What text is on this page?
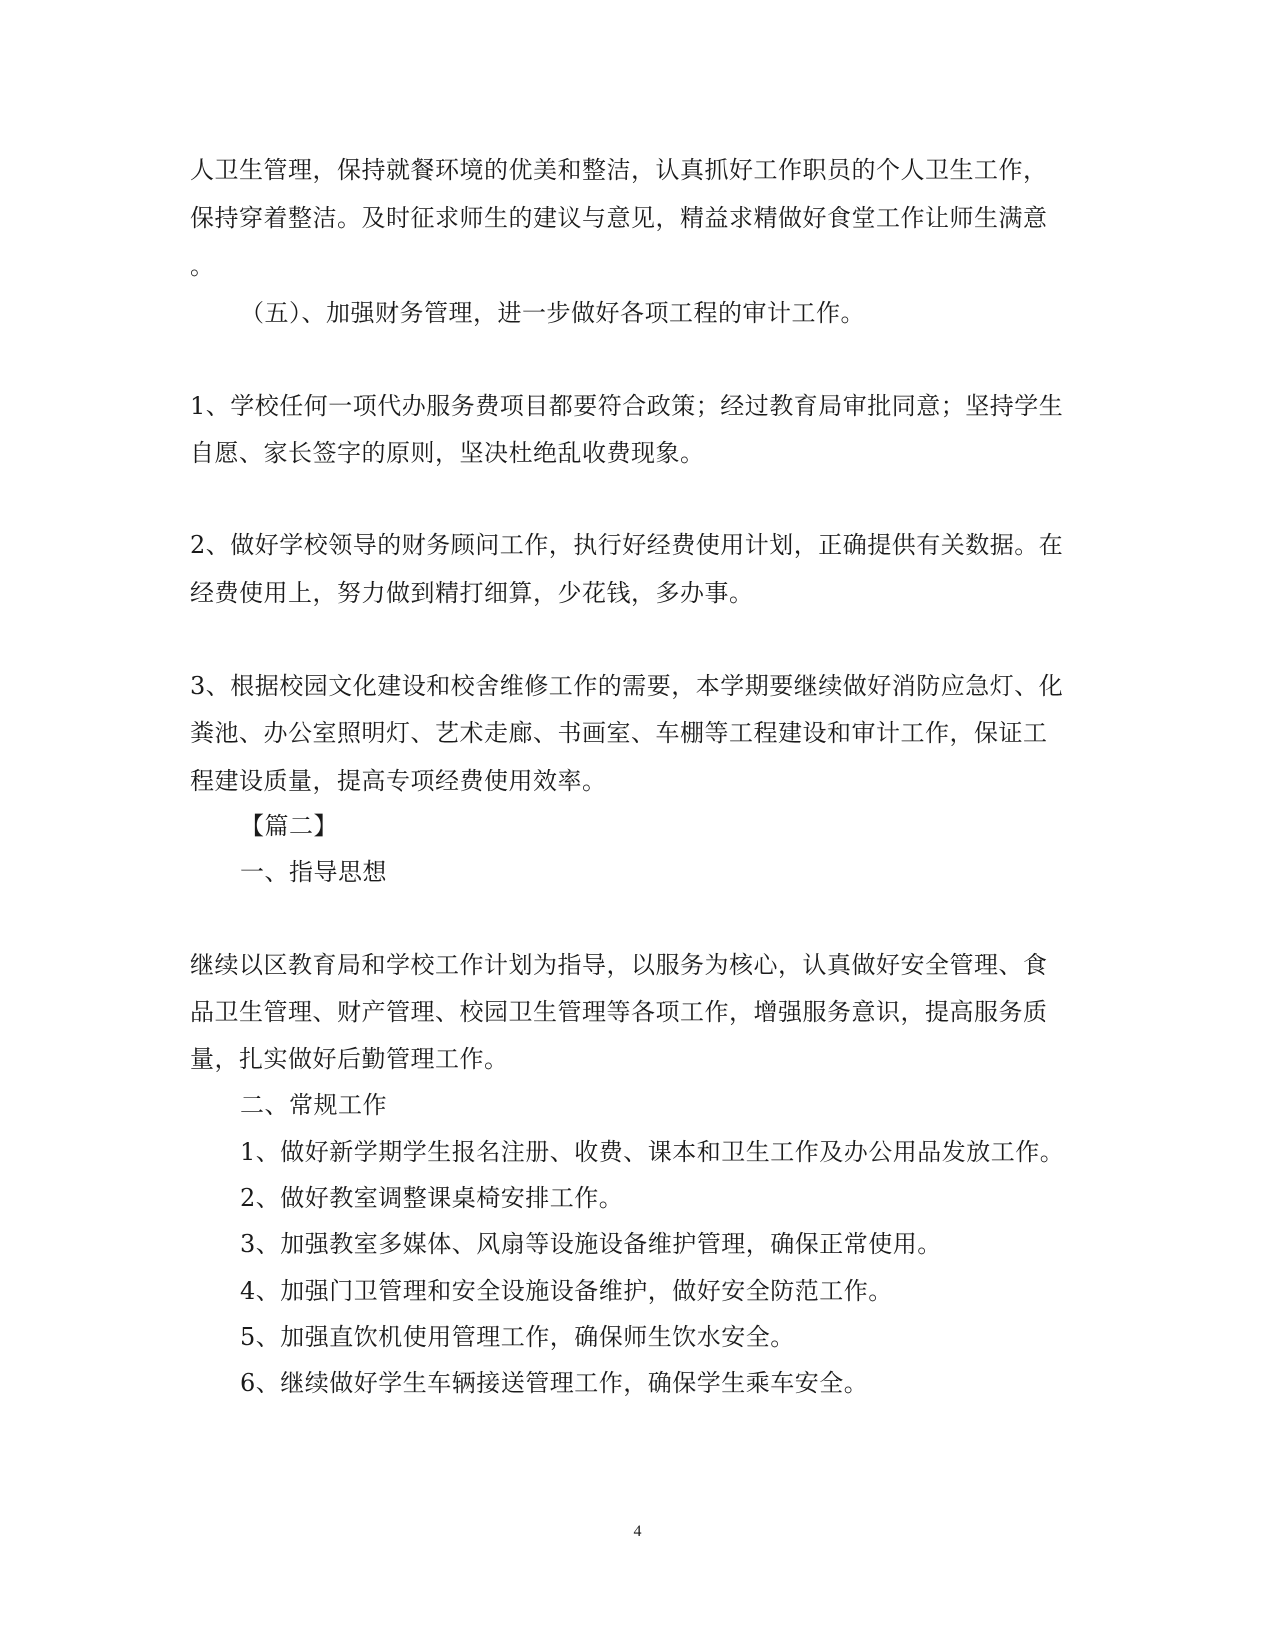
人卫生管理，保持就餐环境的优美和整洁，认真抓好工作职员的个人卫生工作，
保持穿着整洁。及时征求师生的建议与意见，精益求精做好食堂工作让师生满意
。
（五）、加强财务管理，进一步做好各项工程的审计工作。
1、学校任何一项代办服务费项目都要符合政策；经过教育局审批同意；坚持学生
自愿、家长签字的原则，坚决杜绝乱收费现象。
2、做好学校领导的财务顾问工作，执行好经费使用计划，正确提供有关数据。在
经费使用上，努力做到精打细算，少花钱，多办事。
3、根据校园文化建设和校舍维修工作的需要，本学期要继续做好消防应急灯、化
粪池、办公室照明灯、艺术走廊、书画室、车棚等工程建设和审计工作，保证工
程建设质量，提高专项经费使用效率。
【篇二】
一、指导思想
继续以区教育局和学校工作计划为指导，以服务为核心，认真做好安全管理、食
品卫生管理、财产管理、校园卫生管理等各项工作，增强服务意识，提高服务质
量，扎实做好后勤管理工作。
二、常规工作
1、做好新学期学生报名注册、收费、课本和卫生工作及办公用品发放工作。
2、做好教室调整课桌椅安排工作。
3、加强教室多媒体、风扇等设施设备维护管理，确保正常使用。
4、加强门卫管理和安全设施设备维护，做好安全防范工作。
5、加强直饮机使用管理工作，确保师生饮水安全。
6、继续做好学生车辆接送管理工作，确保学生乘车安全。
4
